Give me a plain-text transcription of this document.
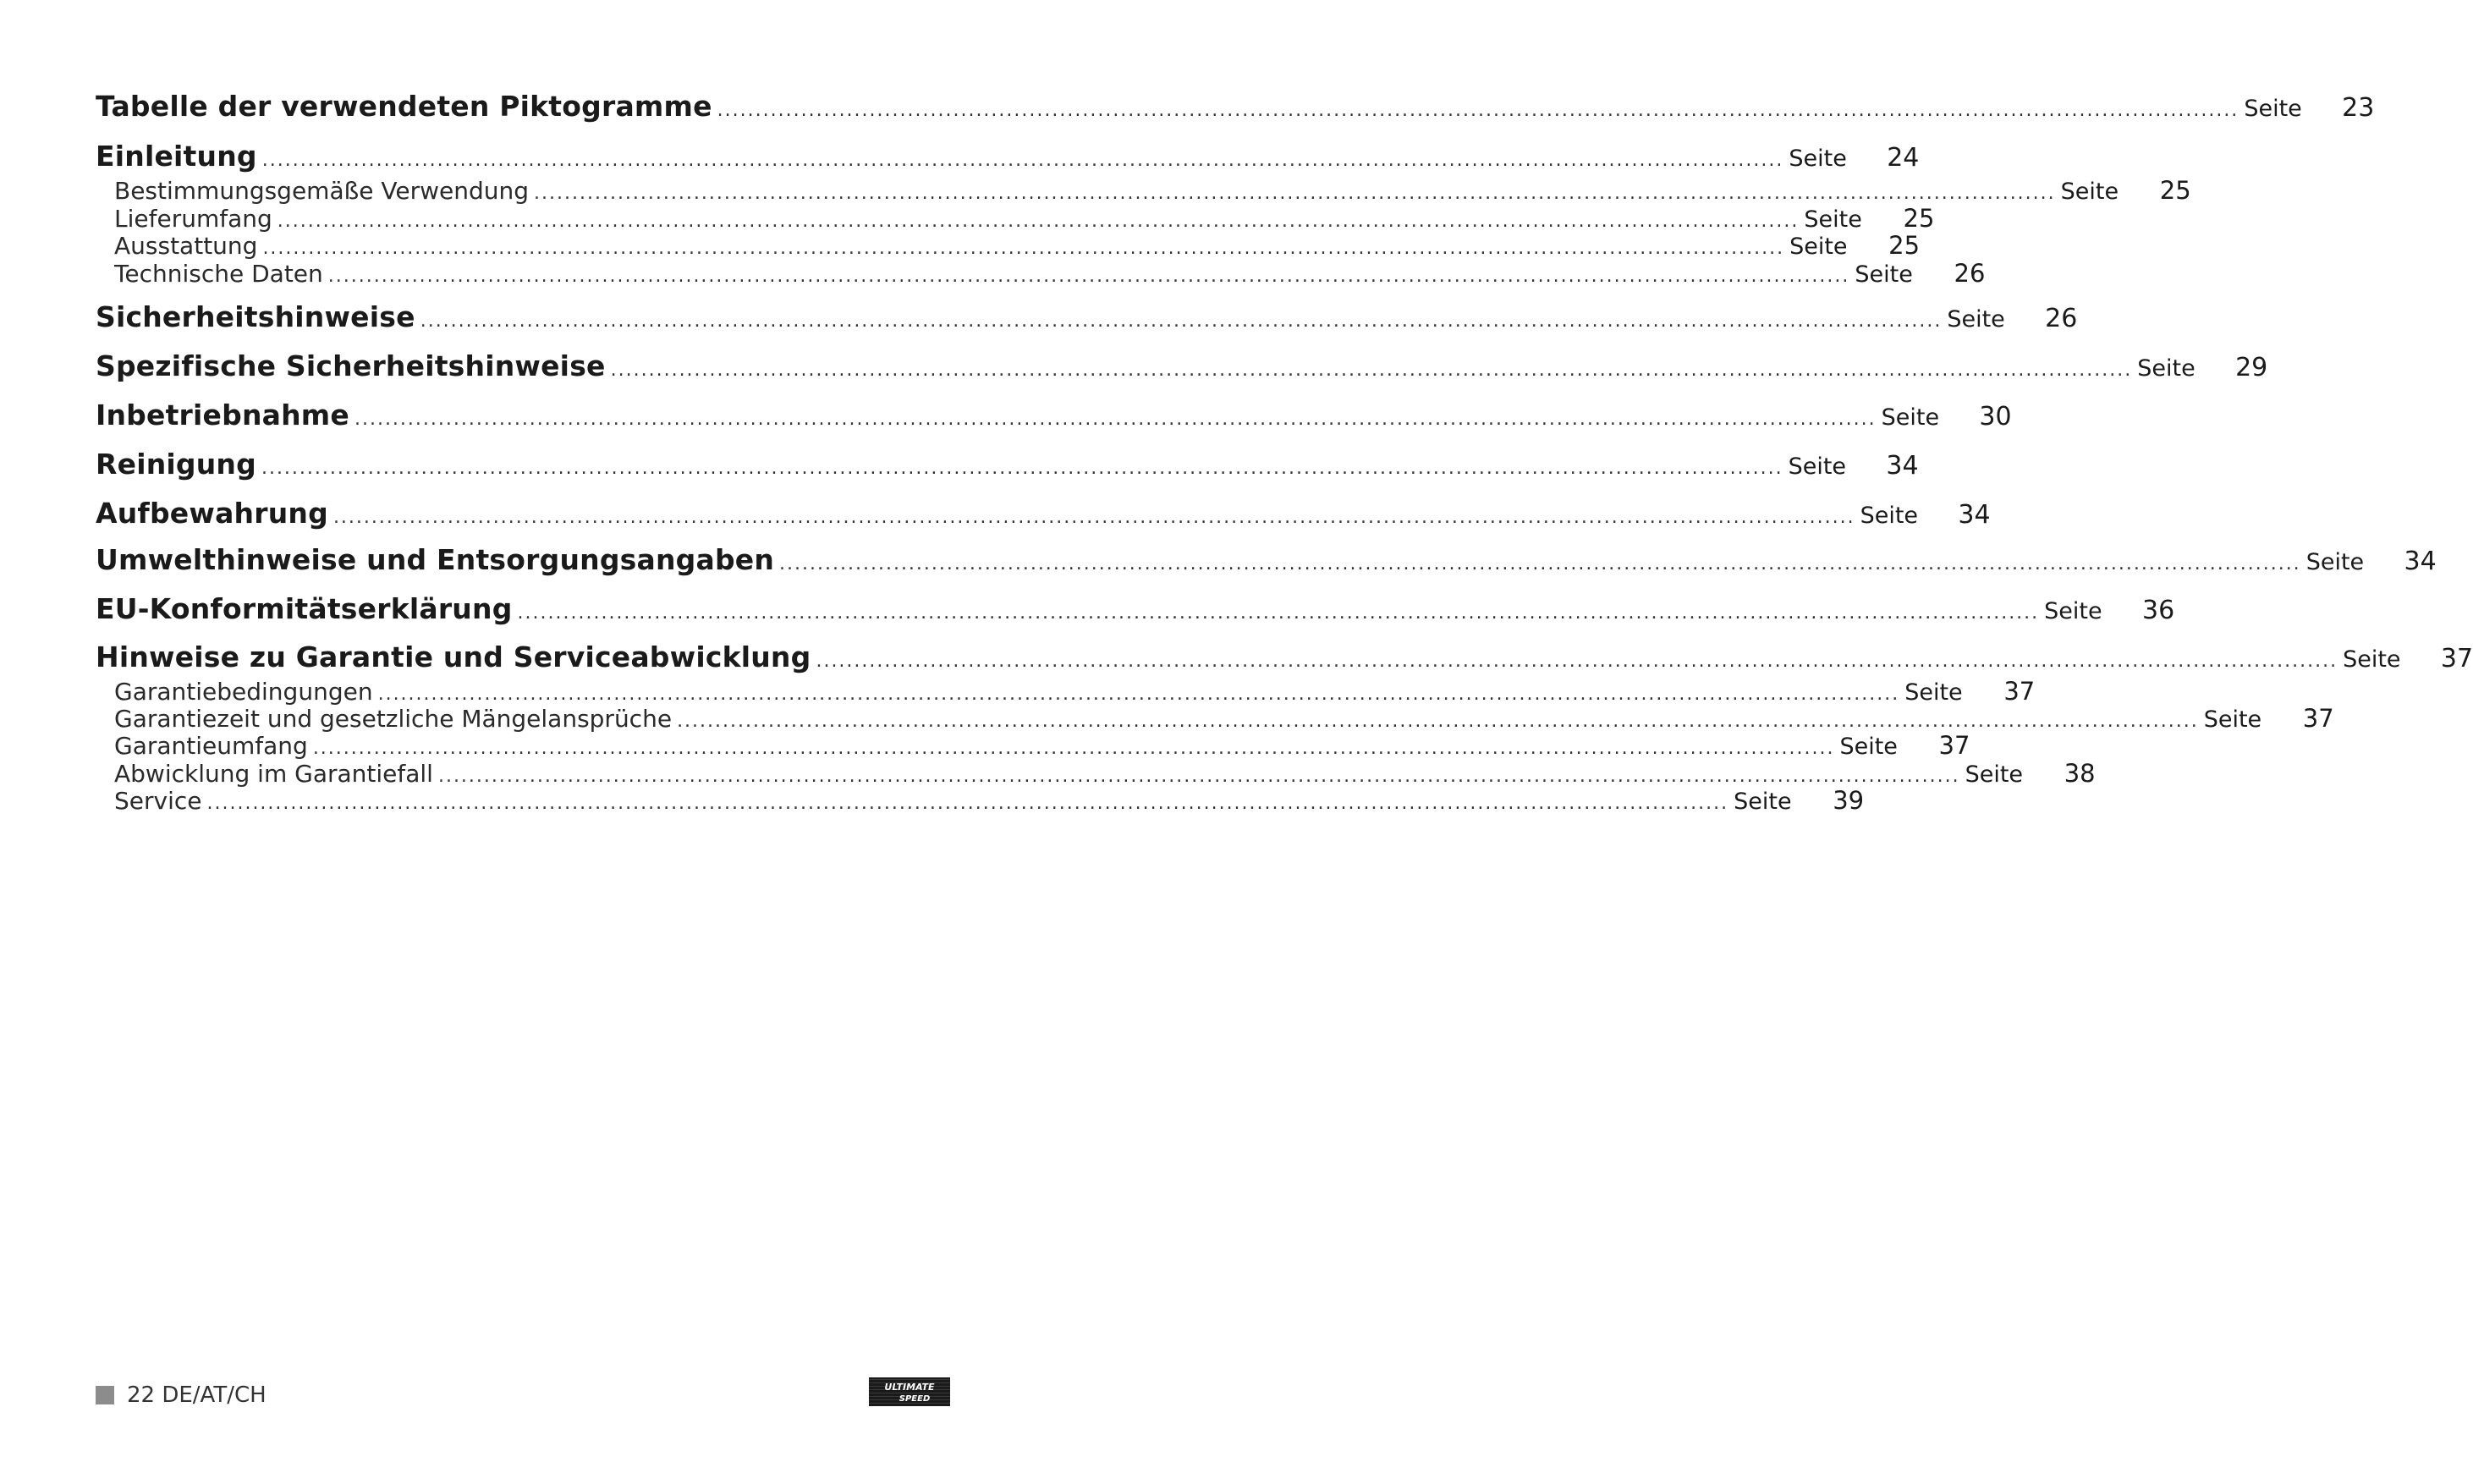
Tabelle der verwendeten Piktogramme ........................................................................................................................................................................................................ Seite	23
Einleitung ........................................................................................................................................................................................................ Seite	24
Bestimmungsgemäße Verwendung ........................................................................................................................................................................................................ Seite	25
Lieferumfang ........................................................................................................................................................................................................ Seite	25
Ausstattung ........................................................................................................................................................................................................ Seite	25
Technische Daten ........................................................................................................................................................................................................ Seite	26
Sicherheitshinweise ........................................................................................................................................................................................................ Seite	26
Spezifische Sicherheitshinweise ........................................................................................................................................................................................................ Seite	29
Inbetriebnahme ........................................................................................................................................................................................................ Seite	30
Reinigung ........................................................................................................................................................................................................ Seite	34
Aufbewahrung ........................................................................................................................................................................................................ Seite	34
Umwelthinweise und Entsorgungsangaben ........................................................................................................................................................................................................ Seite	34
EU-Konformitätserklärung ........................................................................................................................................................................................................ Seite	36
Hinweise zu Garantie und Serviceabwicklung ........................................................................................................................................................................................................ Seite	37
Garantiebedingungen ........................................................................................................................................................................................................ Seite	37
Garantiezeit und gesetzliche Mängelansprüche ........................................................................................................................................................................................................ Seite	37
Garantieumfang ........................................................................................................................................................................................................ Seite	37
Abwicklung im Garantiefall ........................................................................................................................................................................................................ Seite	38
Service ........................................................................................................................................................................................................ Seite	39
22 DE/AT/CH	ULTIMATE
SPEED
